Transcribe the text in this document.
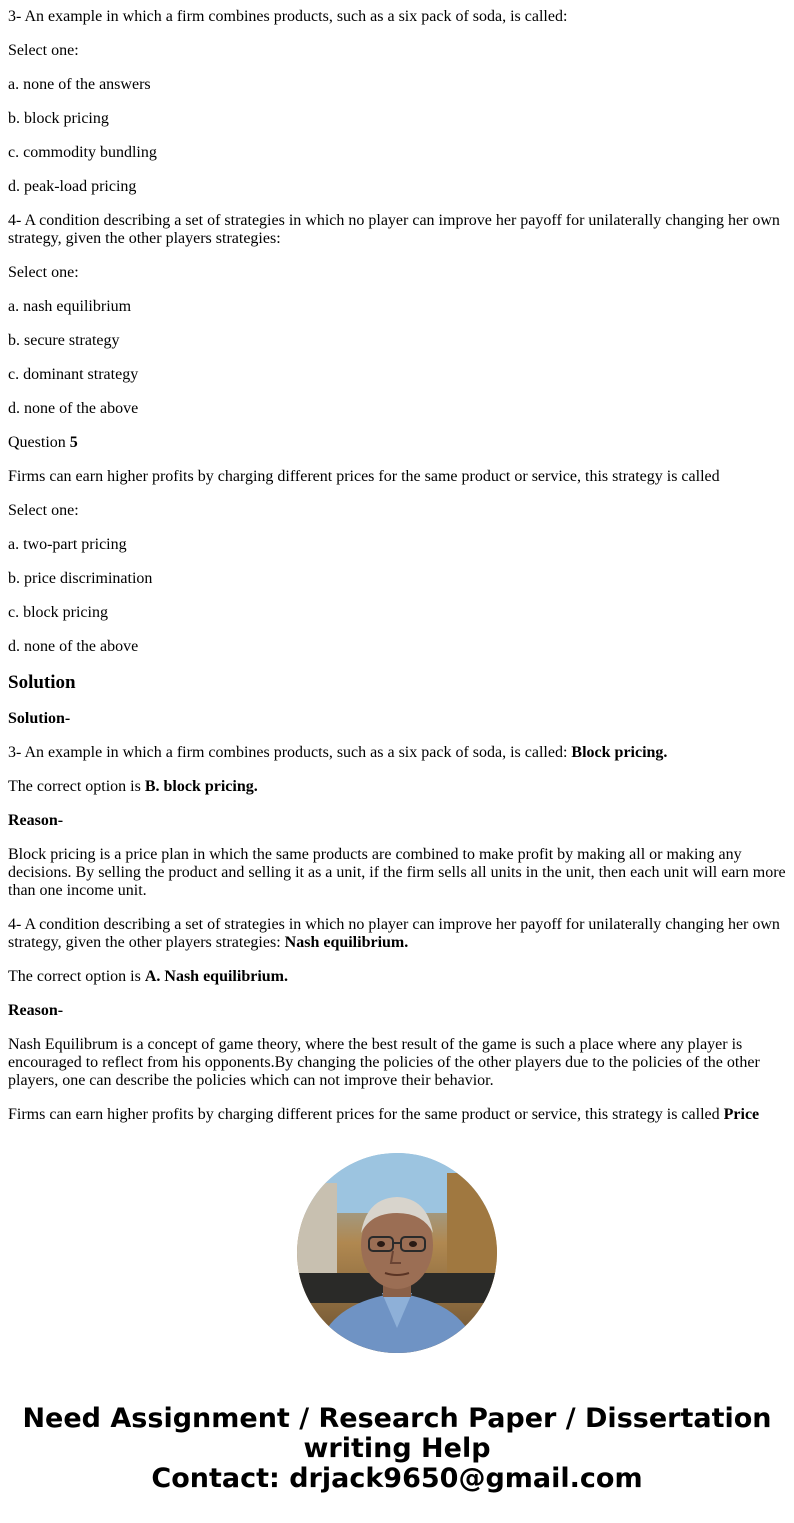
3- An example in which a firm combines products, such as a six pack of soda, is called:

Select one:

a. none of the answers

b. block pricing

c. commodity bundling

d. peak-load pricing

4- A condition describing a set of strategies in which no player can improve her payoff for unilaterally changing her own strategy, given the other players strategies:

Select one:

a. nash equilibrium

b. secure strategy

c. dominant strategy

d. none of the above

Question 5

Firms can earn higher profits by charging different prices for the same product or service, this strategy is called

Select one:

a. two-part pricing

b. price discrimination

c. block pricing

d. none of the above

Solution

Solution-

3- An example in which a firm combines products, such as a six pack of soda, is called: Block pricing.

The correct option is B. block pricing.

Reason-

Block pricing is a price plan in which the same products are combined to make profit by making all or making any decisions. By selling the product and selling it as a unit, if the firm sells all units in the unit, then each unit will earn more than one income unit.

4- A condition describing a set of strategies in which no player can improve her payoff for unilaterally changing her own strategy, given the other players strategies: Nash equilibrium.

The correct option is A. Nash equilibrium.

Reason-

Nash Equilibrum is a concept of game theory, where the best result of the game is such a place where any player is encouraged to reflect from his opponents.By changing the policies of the other players due to the policies of the other players, one can describe the policies which can not improve their behavior.

Firms can earn higher profits by charging different prices for the same product or service, this strategy is called Price

Need Assignment / Research Paper / Dissertation
writing Help
Contact: drjack9650@gmail.com
